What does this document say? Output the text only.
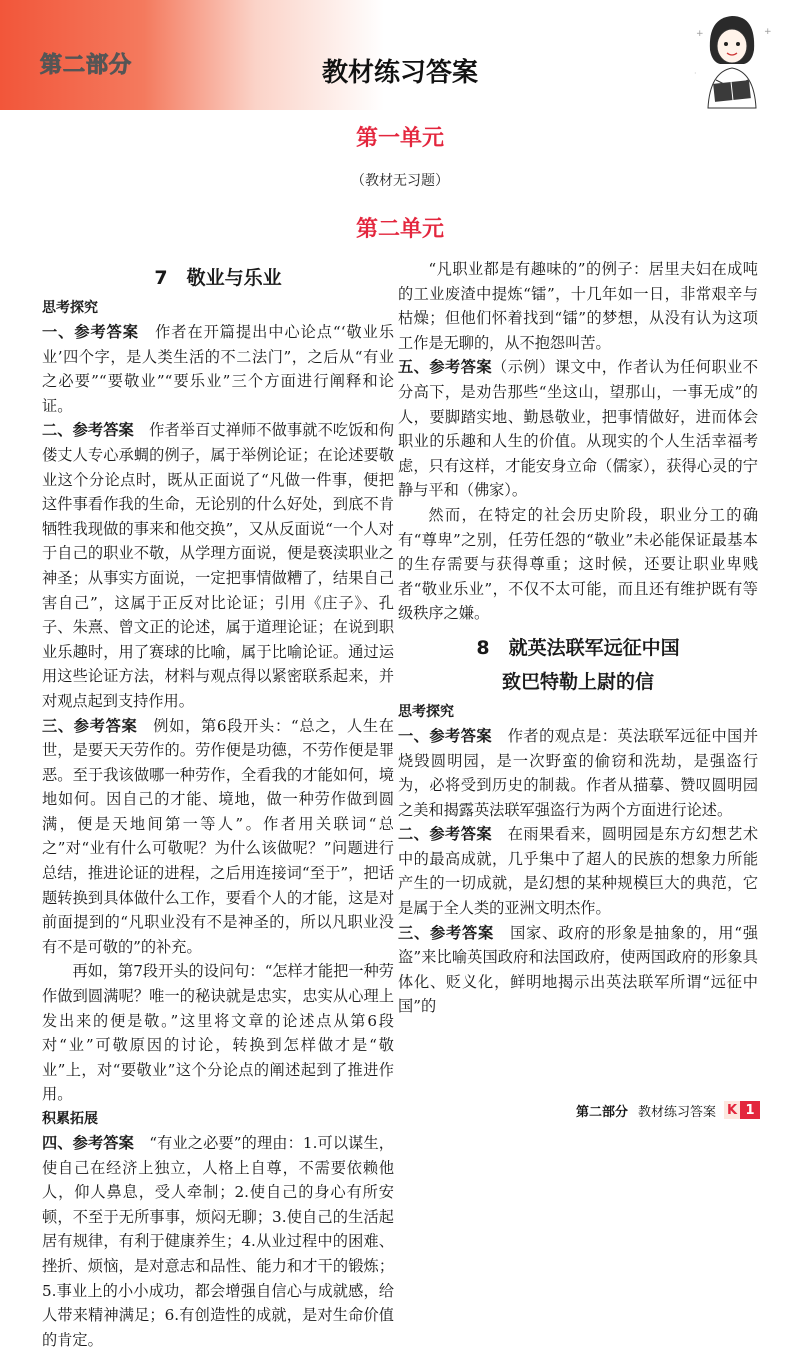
第二部分	教材练习答案
+	+
·
第一单元
（教材无习题）
第二单元
7　敬业与乐业
思考探究

一、参考答案　作者在开篇提出中心论点“‘敬业乐业’四个字，是人类生活的不二法门”，之后从“有业之必要”“要敬业”“要乐业”三个方面进行阐释和论证。

二、参考答案　作者举百丈禅师不做事就不吃饭和佝偻丈人专心承蜩的例子，属于举例论证；在论述要敬业这个分论点时，既从正面说了“凡做一件事，便把这件事看作我的生命，无论别的什么好处，到底不肯牺牲我现做的事来和他交换”，又从反面说“一个人对于自己的职业不敬，从学理方面说，便是亵渎职业之神圣；从事实方面说，一定把事情做糟了，结果自己害自己”，这属于正反对比论证；引用《庄子》、孔子、朱熹、曾文正的论述，属于道理论证；在说到职业乐趣时，用了赛球的比喻，属于比喻论证。通过运用这些论证方法，材料与观点得以紧密联系起来，并对观点起到支持作用。

三、参考答案　例如，第6段开头：“总之，人生在世，是要天天劳作的。劳作便是功德，不劳作便是罪恶。至于我该做哪一种劳作，全看我的才能如何，境地如何。因自己的才能、境地，做一种劳作做到圆满，便是天地间第一等人”。作者用关联词“总之”对“业有什么可敬呢？为什么该做呢？”问题进行总结，推进论证的进程，之后用连接词“至于”，把话题转换到具体做什么工作，要看个人的才能，这是对前面提到的“凡职业没有不是神圣的，所以凡职业没有不是可敬的”的补充。

再如，第7段开头的设问句：“怎样才能把一种劳作做到圆满呢？唯一的秘诀就是忠实，忠实从心理上发出来的便是敬。”这里将文章的论述点从第6段对“业”可敬原因的讨论，转换到怎样做才是“敬业”上，对“要敬业”这个分论点的阐述起到了推进作用。

积累拓展

四、参考答案　“有业之必要”的理由：1.可以谋生，使自己在经济上独立，人格上自尊，不需要依赖他人，仰人鼻息，受人牵制；2.使自己的身心有所安顿，不至于无所事事，烦闷无聊；3.使自己的生活起居有规律，有利于健康养生；4.从业过程中的困难、挫折、烦恼，是对意志和品性、能力和才干的锻炼；5.事业上的小小成功，都会增强自信心与成就感，给人带来精神满足；6.有创造性的成就，是对生命价值的肯定。

“凡职业都是有趣味的”的例子：居里夫妇在成吨的工业废渣中提炼“镭”，十几年如一日，非常艰辛与枯燥；但他们怀着找到“镭”的梦想，从没有认为这项工作是无聊的，从不抱怨叫苦。

五、参考答案（示例）课文中，作者认为任何职业不分高下，是劝告那些“坐这山，望那山，一事无成”的人，要脚踏实地、勤恳敬业，把事情做好，进而体会职业的乐趣和人生的价值。从现实的个人生活幸福考虑，只有这样，才能安身立命（儒家），获得心灵的宁静与平和（佛家）。

然而，在特定的社会历史阶段，职业分工的确有“尊卑”之别，任劳任怨的“敬业”未必能保证最基本的生存需要与获得尊重；这时候，还要让职业卑贱者“敬业乐业”，不仅不太可能，而且还有维护既有等级秩序之嫌。

8　就英法联军远征中国
致巴特勒上尉的信
思考探究

一、参考答案　作者的观点是：英法联军远征中国并烧毁圆明园，是一次野蛮的偷窃和洗劫，是强盗行为，必将受到历史的制裁。作者从描摹、赞叹圆明园之美和揭露英法联军强盗行为两个方面进行论述。

二、参考答案　在雨果看来，圆明园是东方幻想艺术中的最高成就，几乎集中了超人的民族的想象力所能产生的一切成就，是幻想的某种规模巨大的典范，它是属于全人类的亚洲文明杰作。

三、参考答案　国家、政府的形象是抽象的，用“强盗”来比喻英国政府和法国政府，使两国政府的形象具体化、贬义化，鲜明地揭示出英法联军所谓“远征中国”的

第二部分 教材练习答案 K 1
